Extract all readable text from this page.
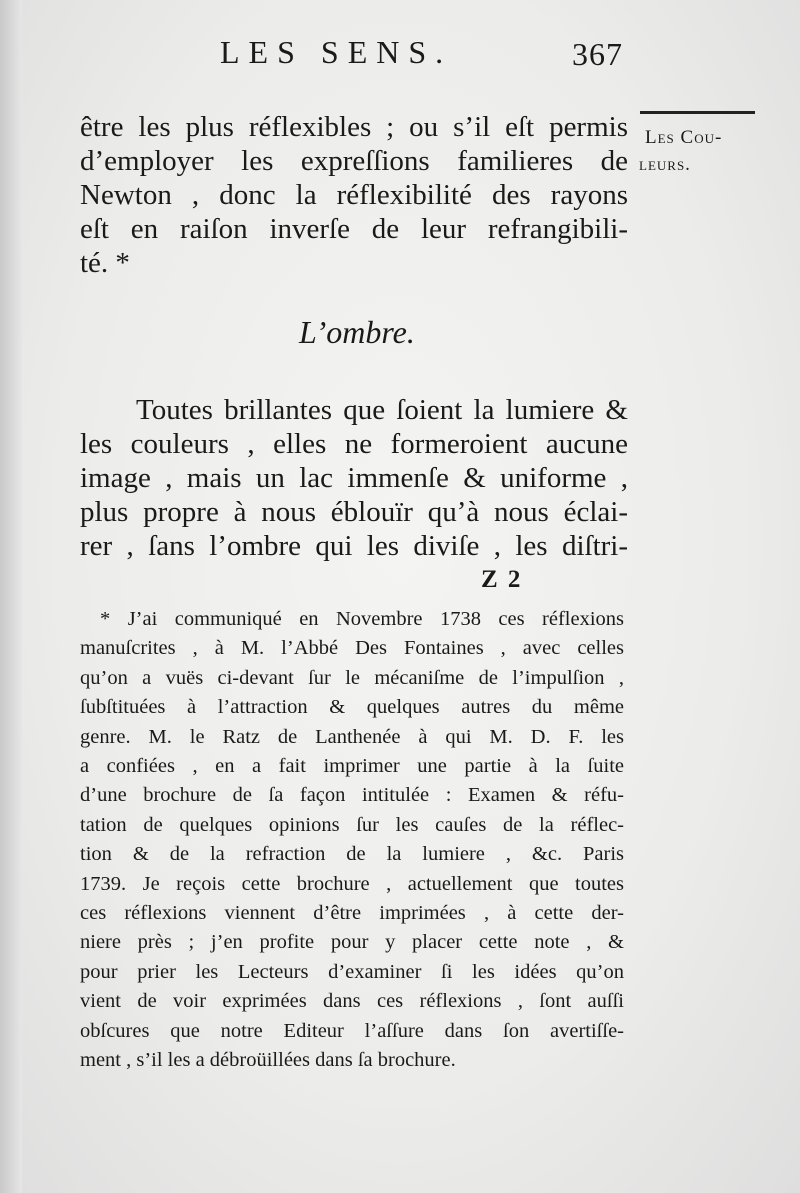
LES SENS.	367
Les Cou-
leurs.
être les plus réflexibles ; ou s’il eſt permis
d’employer les expreſſions familieres de
Newton , donc la réflexibilité des rayons
eſt en raiſon inverſe de leur refrangibili-
té. *
L’ombre.
Toutes brillantes que ſoient la lumiere &
les couleurs , elles ne formeroient aucune
image , mais un lac immenſe & uniforme ,
plus propre à nous éblouïr qu’à nous éclai-
rer , ſans l’ombre qui les diviſe , les diſtri-
Z 2
* J’ai communiqué en Novembre 1738 ces réflexions
manuſcrites , à M. l’Abbé Des Fontaines , avec celles
qu’on a vuës ci-devant ſur le mécaniſme de l’impulſion ,
ſubſtituées à l’attraction & quelques autres du même
genre. M. le Ratz de Lanthenée à qui M. D. F. les
a confiées , en a fait imprimer une partie à la ſuite
d’une brochure de ſa façon intitulée : Examen & réfu-
tation de quelques opinions ſur les cauſes de la réflec-
tion & de la refraction de la lumiere , &c. Paris
1739. Je reçois cette brochure , actuellement que toutes
ces réflexions viennent d’être imprimées , à cette der-
niere près ; j’en profite pour y placer cette note , &
pour prier les Lecteurs d’examiner ſi les idées qu’on
vient de voir exprimées dans ces réflexions , ſont auſſi
obſcures que notre Editeur l’aſſure dans ſon avertiſſe-
ment , s’il les a débroüillées dans ſa brochure.
